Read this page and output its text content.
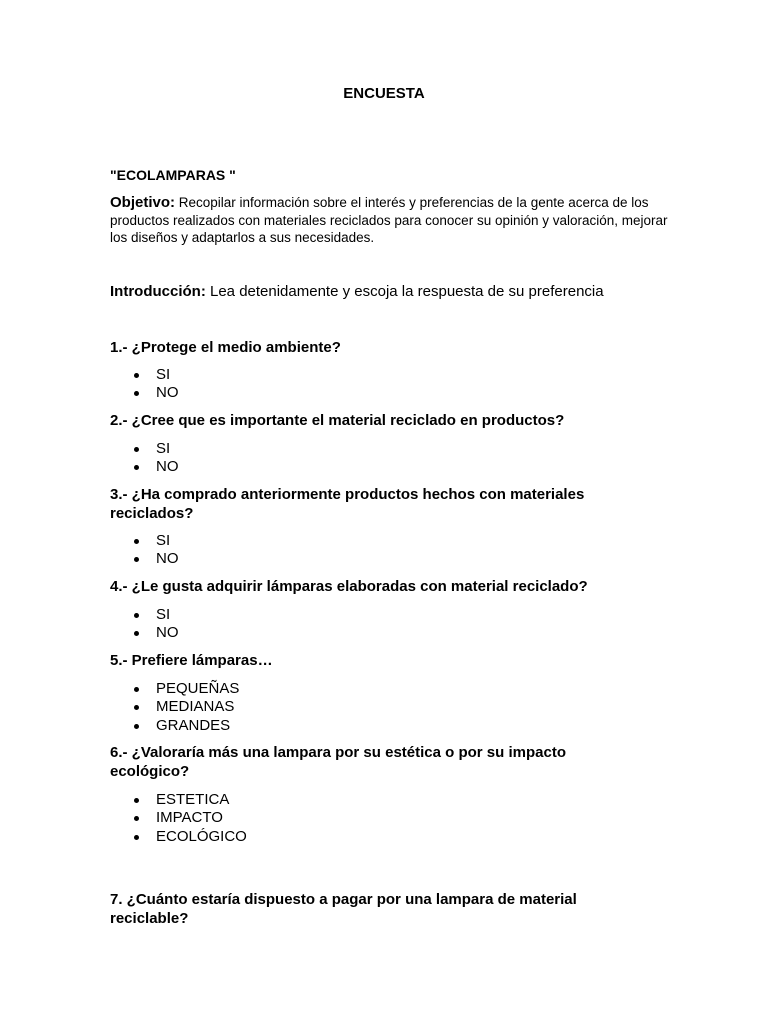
ENCUESTA
"ECOLAMPARAS "
Objetivo: Recopilar información sobre el interés y preferencias de la gente acerca de los productos realizados con materiales reciclados para conocer su opinión y valoración, mejorar los diseños y adaptarlos a sus necesidades.
Introducción: Lea detenidamente y escoja la respuesta de su preferencia
1.- ¿Protege el medio ambiente?
SI
NO
2.- ¿Cree que es importante el material reciclado en productos?
SI
NO
3.- ¿Ha comprado anteriormente productos hechos con materiales reciclados?
SI
NO
4.- ¿Le gusta adquirir lámparas elaboradas con material reciclado?
SI
NO
5.- Prefiere lámparas…
PEQUEÑAS
MEDIANAS
GRANDES
6.- ¿Valoraría más una lampara por su estética o por su impacto ecológico?
ESTETICA
IMPACTO
ECOLÓGICO
7. ¿Cuánto estaría dispuesto a pagar por una lampara de material reciclable?
